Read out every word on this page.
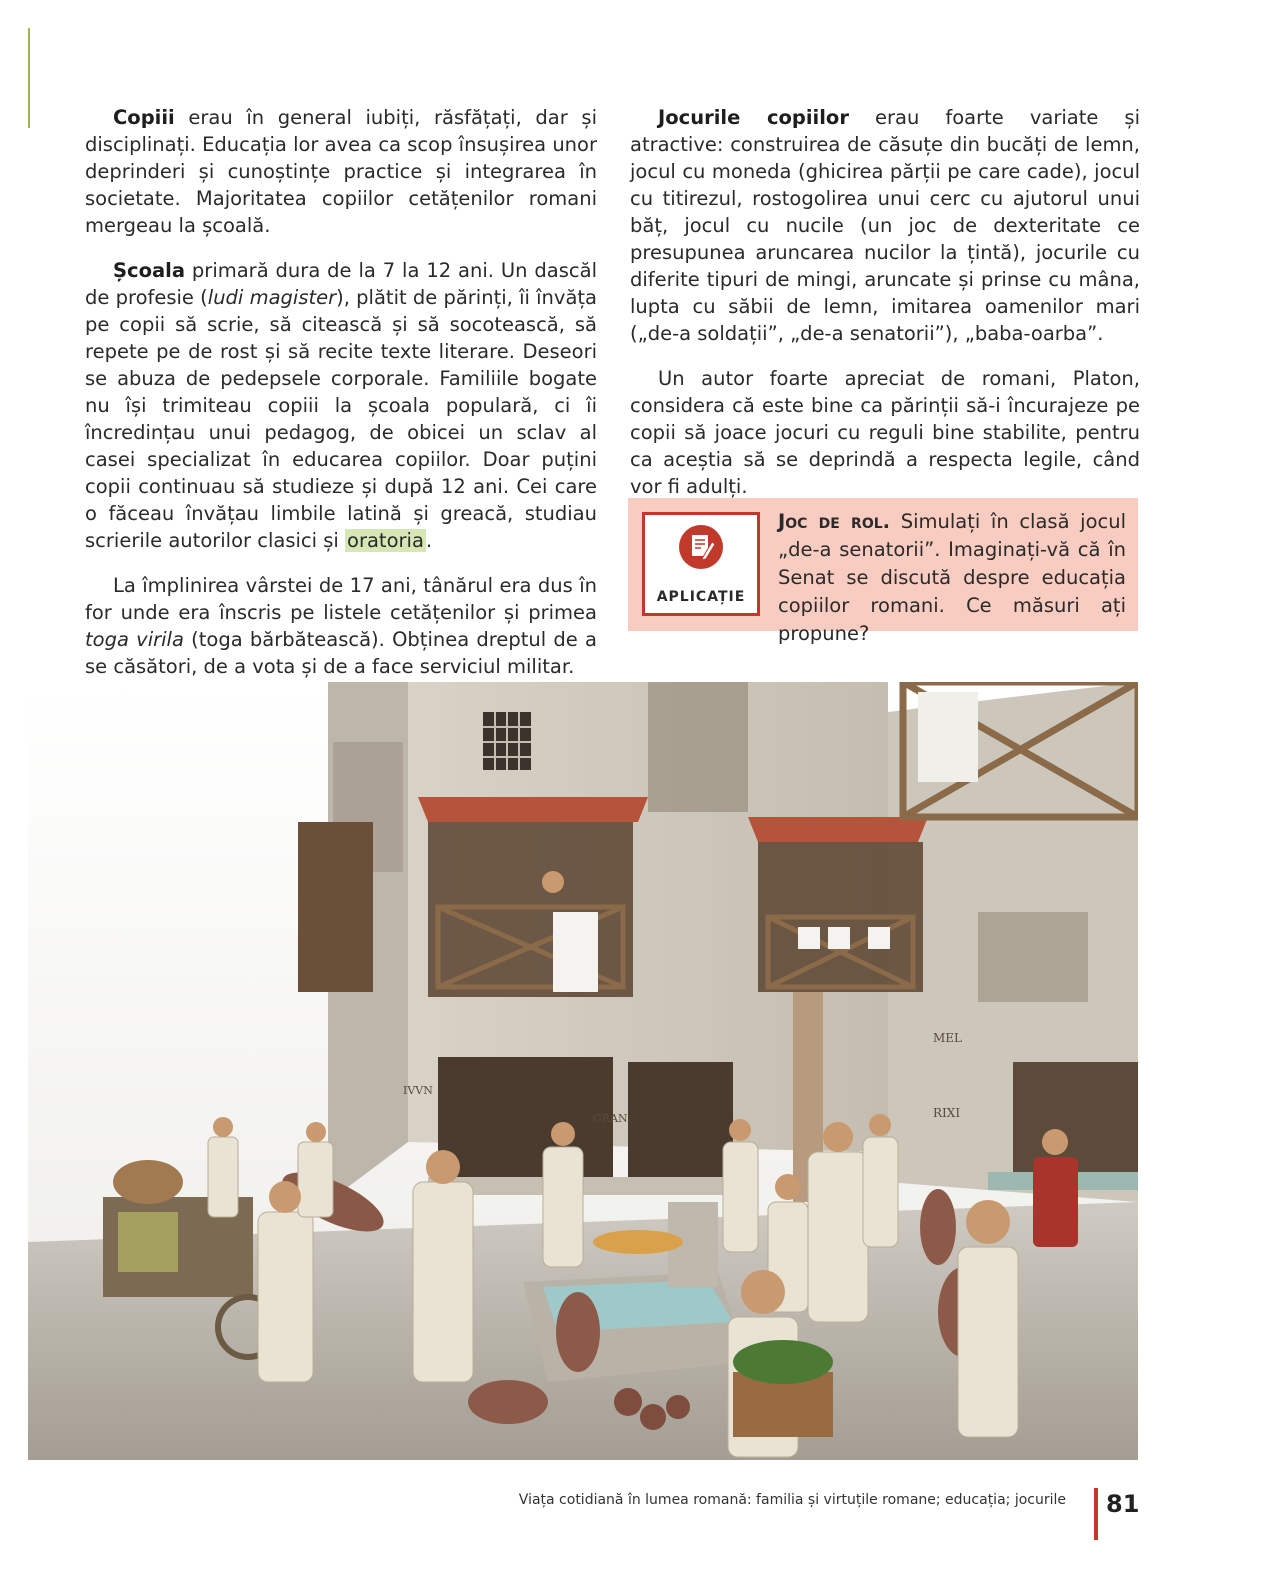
Copiii erau în general iubiți, răsfățați, dar și disciplinați. Educația lor avea ca scop însușirea unor deprinderi și cunoștințe practice și integrarea în societate. Majoritatea copiilor cetățenilor romani mergeau la școală.

Școala primară dura de la 7 la 12 ani. Un dascăl de profesie (ludi magister), plătit de părinți, îi învăța pe copii să scrie, să citească și să socotească, să repete pe de rost și să recite texte literare. Deseori se abuza de pedepsele corporale. Familiile bogate nu își trimiteau copiii la școala populară, ci îi încredințau unui pedagog, de obicei un sclav al casei specializat în educarea copiilor. Doar puțini copii continuau să studieze și după 12 ani. Cei care o făceau învățau limbile latină și greacă, studiau scrierile autorilor clasici și oratoria .

La împlinirea vârstei de 17 ani, tânărul era dus în for unde era înscris pe listele cetățenilor și primea toga virila (toga bărbătească). Obținea dreptul de a se căsători, de a vota și de a face serviciul militar.

Jocurile copiilor erau foarte variate și atractive: construirea de căsuțe din bucăți de lemn, jocul cu moneda (ghicirea părții pe care cade), jocul cu titirezul, rostogolirea unui cerc cu ajutorul unui băț, jocul cu nucile (un joc de dexteritate ce presupunea aruncarea nucilor la țintă), jocurile cu diferite tipuri de mingi, aruncate și prinse cu mâna, lupta cu săbii de lemn, imitarea oamenilor mari („de-a soldații”, „de-a senatorii”), „baba-oarba”.

Un autor foarte apreciat de romani, Platon, considera că este bine ca părinții să-i încurajeze pe copii să joace jocuri cu reguli bine stabilite, pentru ca aceștia să se deprindă a respecta legile, când vor fi adulți.

APLICAȚIE
Joc de rol. Simulați în clasă jocul „de-a senatorii”. Imaginați-vă că în Senat se discută despre educația copiilor romani. Ce măsuri ați propune?

IVVN
GRAN
MEL
RIXI
Viața cotidiană în lumea romană: familia și virtuțile romane; educația; jocurile 81
